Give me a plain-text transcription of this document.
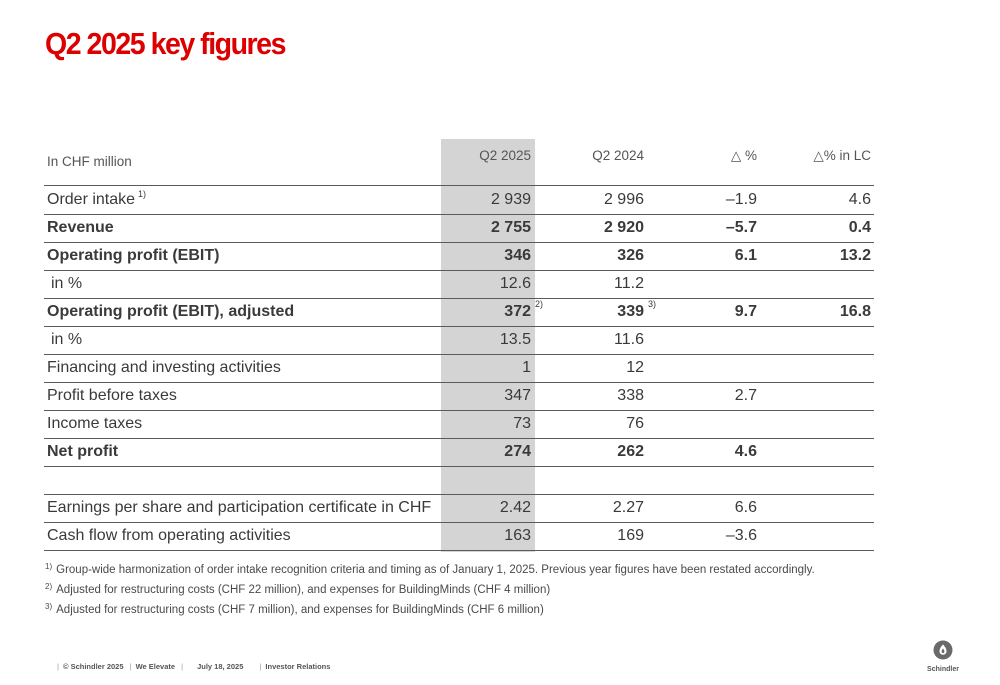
Q2 2025 key figures
In CHF million	Q2 2025	Q2 2024	△ %	△% in LC
Order intake 1)	2 939	2 996	–1.9	4.6
Revenue	2 755	2 920	–5.7	0.4
Operating profit (EBIT)	346	326	6.1	13.2
in %	12.6	11.2
Operating profit (EBIT), adjusted	372 2)	339 3)	9.7	16.8
in %	13.5	11.6
Financing and investing activities	1	12
Profit before taxes	347	338	2.7
Income taxes	73	76
Net profit	274	262	4.6
Earnings per share and participation certificate in CHF	2.42	2.27	6.6
Cash flow from operating activities	163	169	–3.6
1) Group-wide harmonization of order intake recognition criteria and timing as of January 1, 2025. Previous year figures have been restated accordingly.
2) Adjusted for restructuring costs (CHF 22 million), and expenses for BuildingMinds (CHF 4 million)
3) Adjusted for restructuring costs (CHF 7 million), and expenses for BuildingMinds (CHF 6 million)
| © Schindler 2025 | We Elevate | July 18, 2025 | Investor Relations	Schindler
